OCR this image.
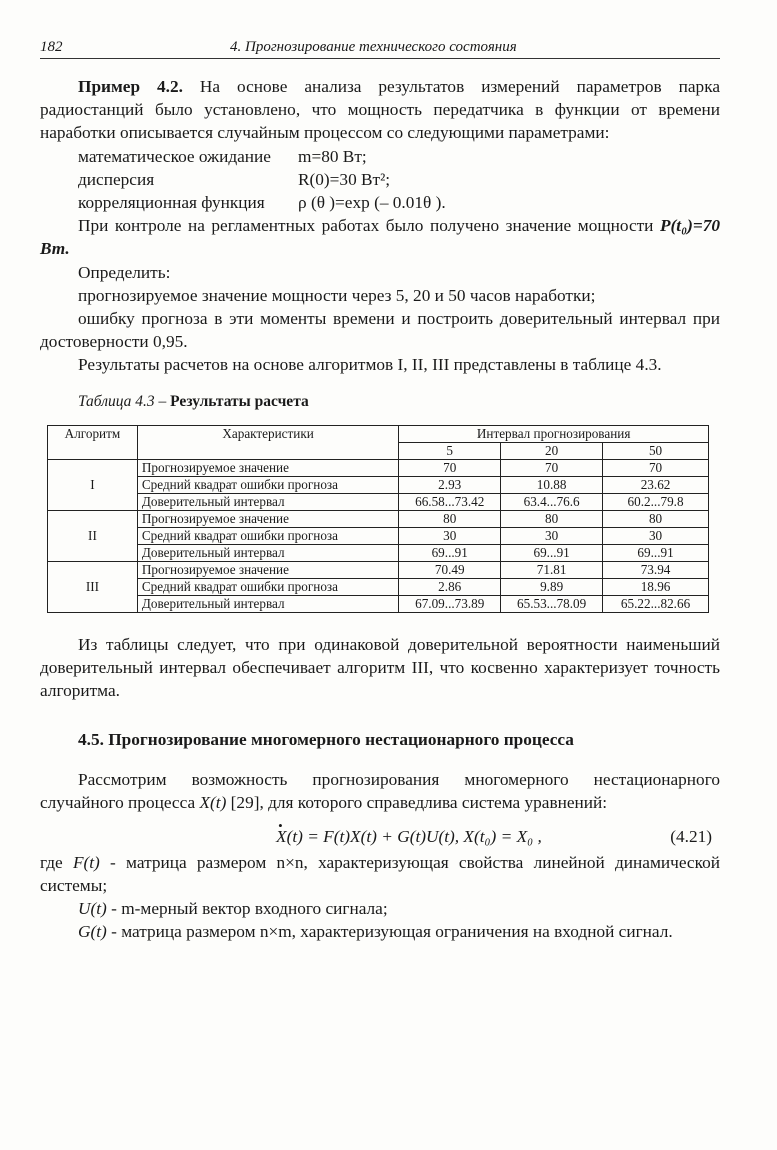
182	4. Прогнозирование технического состояния

Пример 4.2. На основе анализа результатов измерений параметров парка радиостанций было установлено, что мощность передатчика в функции от времени наработки описывается случайным процессом со следующими параметрами:

математическое ожидание m=80 Вт;
дисперсия	R(0)=30 Вт²;
корреляционная функция ρ (θ )=exp (– 0.01θ ).

При контроле на регламентных работах было получено значение мощности P(t₀)=70 Вт.

Определить:

прогнозируемое значение мощности через 5, 20 и 50 часов наработки;

ошибку прогноза в эти моменты времени и построить доверительный интервал при достоверности 0,95.

Результаты расчетов на основе алгоритмов I, II, III представлены в таблице 4.3.

Таблица 4.3 – Результаты расчета
Алгоритм	Характеристики	Интервал прогнозирования		
		5	20	50
I	Прогнозируемое значение	70	70	70
	Средний квадрат ошибки прогноза	2.93	10.88	23.62
	Доверительный интервал	66.58...73.42	63.4...76.6	60.2...79.8
II	Прогнозируемое значение	80	80	80
	Средний квадрат ошибки прогноза	30	30	30
	Доверительный интервал	69...91	69...91	69...91
III	Прогнозируемое значение	70.49	71.81	73.94
	Средний квадрат ошибки прогноза	2.86	9.89	18.96
	Доверительный интервал	67.09...73.89	65.53...78.09	65.22...82.66

Из таблицы следует, что при одинаковой доверительной вероятности наименьший доверительный интервал обеспечивает алгоритм III, что косвенно характеризует точность алгоритма.

4.5. Прогнозирование многомерного нестационарного процесса

Рассмотрим возможность прогнозирования многомерного нестационарного случайного процесса X(t) [29], для которого справедлива система уравнений:

• X(t) = F(t)X(t) + G(t)U(t), X(t₀) = X₀ ,	(4.21)

где F(t) - матрица размером n×n, характеризующая свойства линейной динамической системы;

U(t) - m-мерный вектор входного сигнала;

G(t) - матрица размером n×m, характеризующая ограничения на входной сигнал.
